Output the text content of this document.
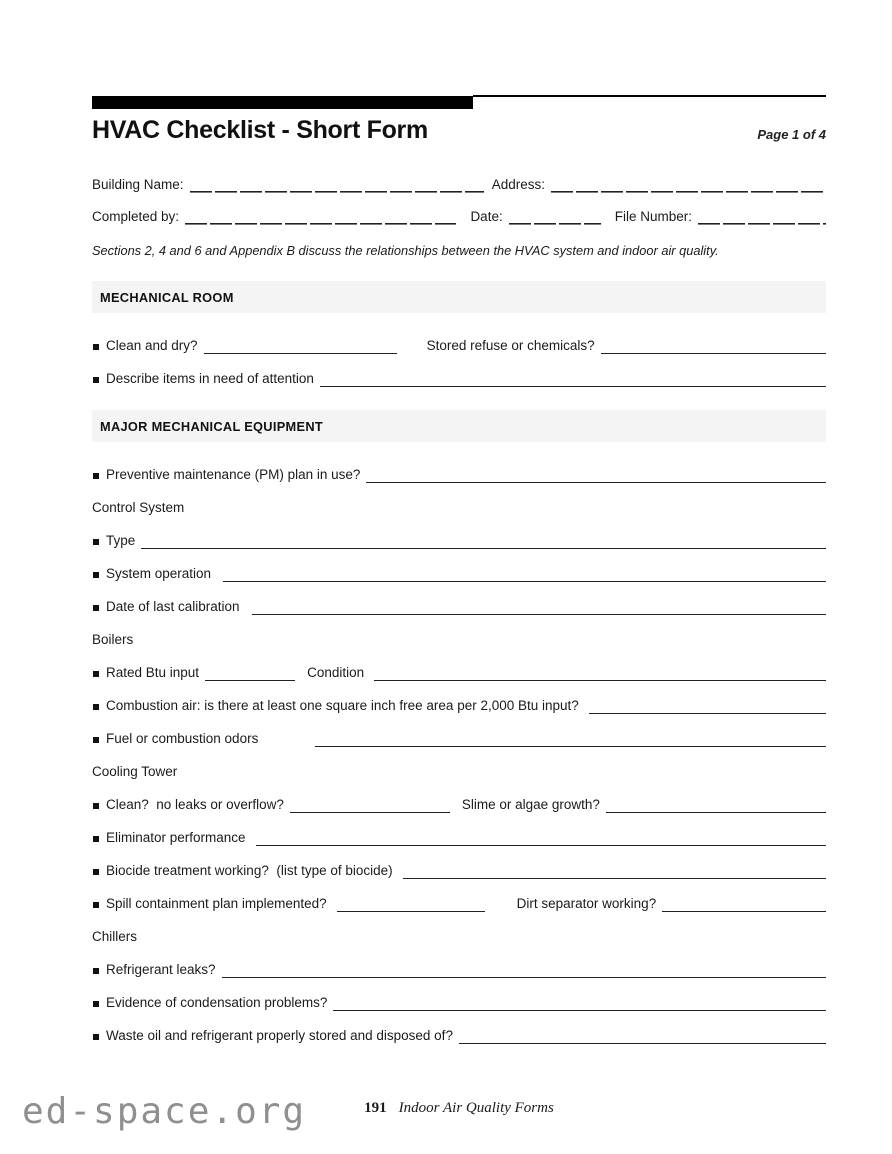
HVAC Checklist - Short Form	Page 1 of 4
Building Name:	Address:
Completed by:	Date:	File Number:
Sections 2, 4 and 6 and Appendix B discuss the relationships between the HVAC system and indoor air quality.
MECHANICAL ROOM
Clean and dry?	Stored refuse or chemicals?
Describe items in need of attention
MAJOR MECHANICAL EQUIPMENT
Preventive maintenance (PM) plan in use?
Control System
Type
System operation
Date of last calibration
Boilers
Rated Btu input	Condition
Combustion air: is there at least one square inch free area per 2,000 Btu input?
Fuel or combustion odors
Cooling Tower
Clean?  no leaks or overflow?	Slime or algae growth?
Eliminator performance
Biocide treatment working?  (list type of biocide)
Spill containment plan implemented?	Dirt separator working?
Chillers
Refrigerant leaks?
Evidence of condensation problems?
Waste oil and refrigerant properly stored and disposed of?
191 Indoor Air Quality Forms
ed-space.org
